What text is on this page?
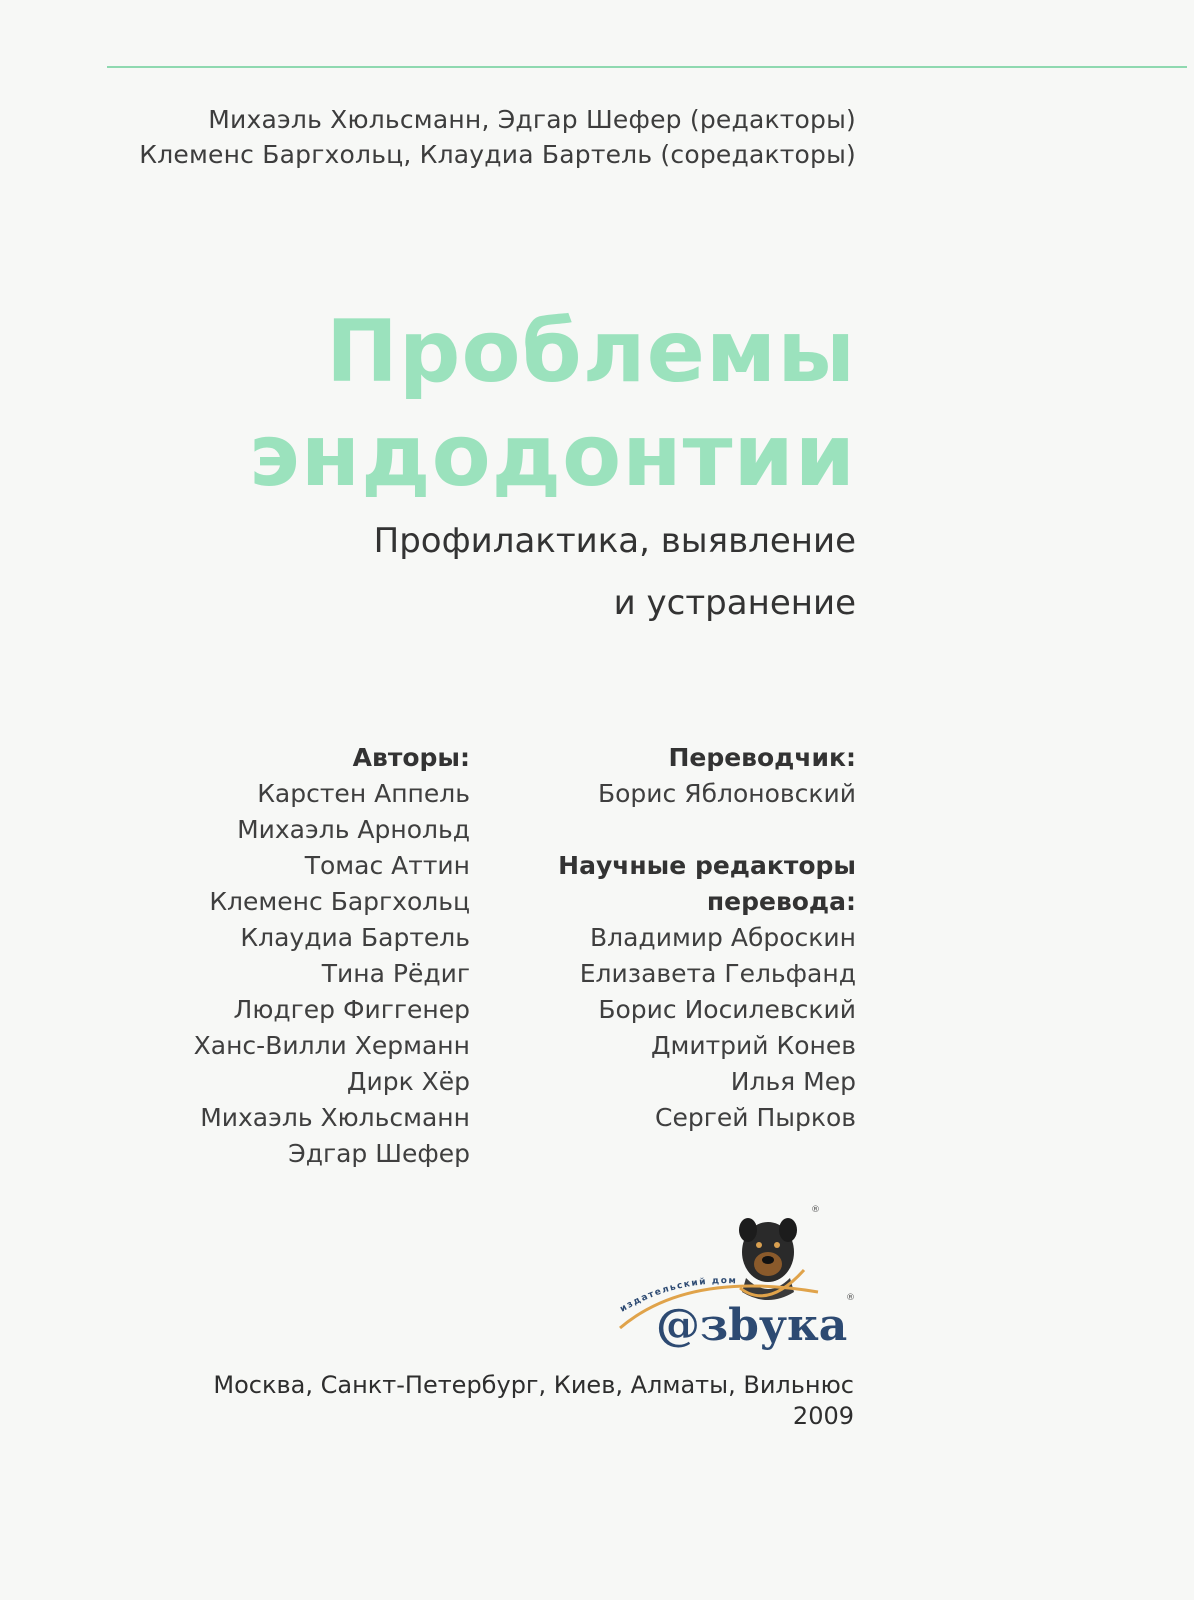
Михаэль Хюльсманн, Эдгар Шефер (редакторы)
Клеменс Баргхольц, Клаудиа Бартель (соредакторы)
Проблемы
эндодонтии
Профилактика, выявление
и устранение
Авторы:
Карстен Аппель
Михаэль Арнольд
Томас Аттин
Клеменс Баргхольц
Клаудиа Бартель
Тина Рёдиг
Людгер Фиггенер
Ханс-Вилли Херманн
Дирк Хёр
Михаэль Хюльсманн
Эдгар Шефер
Переводчик:
Борис Яблоновский
Научные редакторы
перевода:
Владимир Аброскин
Елизавета Гельфанд
Борис Иосилевский
Дмитрий Конев
Илья Мер
Сергей Пырков
®
®
издательский дом
@зbука
Москва, Санкт-Петербург, Киев, Алматы, Вильнюс
2009
